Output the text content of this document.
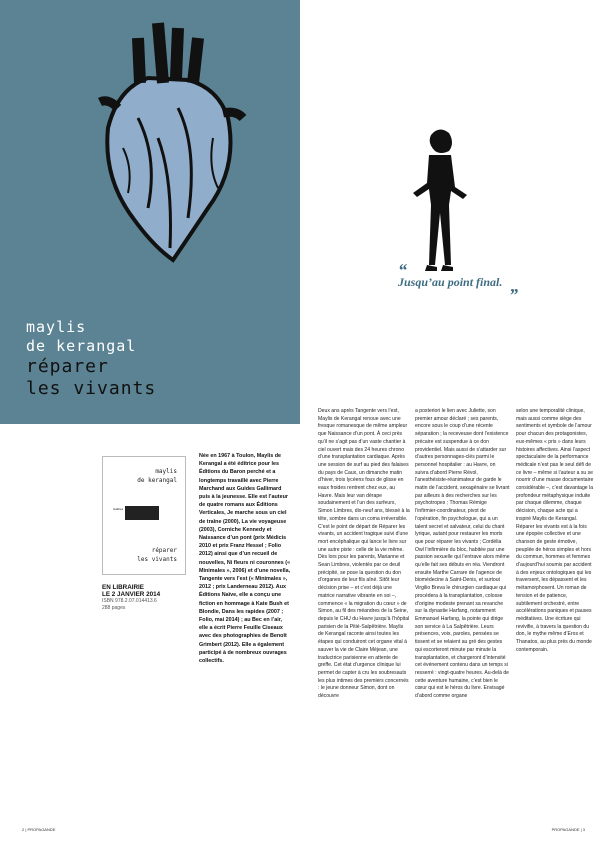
maylis
de kerangal
réparer
les vivants
“
Jusqu’au point final.
”
maylis
de kerangal
Galibes
réparer
les vivants
EN LIBRAIRIE
LE 2 JANVIER 2014
ISBN 978.2.07.014413.6
288 pages
Née en 1967 à Toulon, Maylis de Kerangal a été éditrice pour les Éditions du Baron perché et a longtemps travaillé avec Pierre Marchand aux Guides Gallimard puis à la jeunesse. Elle est l’auteur de quatre romans aux Éditions Verticales, Je marche sous un ciel de traîne (2000), La vie voyageuse (2003), Corniche Kennedy et Naissance d’un pont (prix Médicis 2010 et prix Franz Hessel ; Folio 2012) ainsi que d’un recueil de nouvelles, Ni fleurs ni couronnes (« Minimales », 2006) et d’une novella, Tangente vers l’est (« Minimales », 2012 ; prix Landerneau 2012). Aux Éditions Naïve, elle a conçu une fiction en hommage à Kate Bush et Blondie, Dans les rapides (2007 ; Folio, mai 2014) ; au Bec en l’air, elle a écrit Pierre Feuille Ciseaux avec des photographies de Benoît Grimbert (2012). Elle a également participé à de nombreux ouvrages collectifs.
Deux ans après Tangente vers l’est, Maylis de Kerangal renoue avec une fresque romanesque de même ampleur que Naissance d’un pont. À ceci près qu’il ne s’agit pas d’un vaste chantier à ciel ouvert mais des 24 heures chrono d’une transplantation cardiaque. Après une session de surf au pied des falaises du pays de Caux, un dimanche matin d’hiver, trois lycéens fous de glisse en eaux froides rentrent chez eux, au Havre. Mais leur van dérape soudainement et l’un des surfeurs, Simon Limbres, dix-neuf ans, blessé à la tête, sombre dans un coma irréversible. C’est le point de départ de Réparer les vivants, un accident tragique suivi d’une mort encéphalique qui lance le livre sur une autre piste : celle de la vie même. Dès lors pour les parents, Marianne et Sean Limbres, violentés par ce deuil précipité, se pose la question du don d’organes de leur fils aîné. Sitôt leur décision prise – et c’est déjà une matrice narrative vibrante en soi –, commence « la migration du cœur » de Simon, au fil des méandres de la Seine, depuis le CHU du Havre jusqu’à l’hôpital parisien de la Pitié-Salpêtrière. Maylis de Kerangal raconte ainsi toutes les étapes qui conduiront cet organe vital à sauver la vie de Claire Méjean, une traductrice parisienne en attente de greffe. Cet état d’urgence clinique lui permet de capter à cru les soubresauts les plus intimes des premiers concernés : le jeune donneur Simon, dont on découvre
a posteriori le lien avec Juliette, son premier amour déclaré ; ses parents, encore sous le coup d’une récente séparation ; la receveuse dont l’existence précaire est suspendue à ce don providentiel. Mais aussi de s’attarder sur d’autres personnages-clés parmi le personnel hospitalier : au Havre, on suivra d’abord Pierre Révol, l’anesthésiste-réanimateur de garde le matin de l’accident, sexagénaire se livrant par ailleurs à des recherches sur les psychotropes ; Thomas Rémige l’infirmier-coordinateur, pivot de l’opération, fin psychologue, qui a un talent secret et salvateur, celui du chant lyrique, autant pour restaurer les morts que pour réparer les vivants ; Cordélia Owl l’infirmière du bloc, habitée par une passion sexuelle qui l’entrave alors même qu’elle fait ses débuts en réa. Viendront ensuite Marthe Carrare de l’agence de biomédecine à Saint-Denis, et surtout Virgilio Breva le chirurgien cardiaque qui procédera à la transplantation, colosse d’origine modeste prenant sa revanche sur la dynastie Harfang, notamment Emmanuel Harfang, la pointe qui dirige son service à La Salpêtrière. Leurs présences, voix, paroles, pensées se tissent et se relaient au gré des gestes qui escorteront minute par minute la transplantation, et chargeront d’intensité cet événement contenu dans un temps si resserré : vingt-quatre heures. Au-delà de cette aventure humaine, c’est bien le cœur qui est le héros du livre. Envisagé d’abord comme organe
selon une temporalité clinique, mais aussi comme siège des sentiments et symbole de l’amour pour chacun des protagonistes, eux-mêmes « pris » dans leurs histoires affectives. Ainsi l’aspect spectaculaire de la performance médicale n’est pas le seul défi de ce livre – même si l’auteur a su se nourrir d’une masse documentaire considérable –, c’est davantage la profondeur métaphysique induite par chaque dilemme, chaque décision, chaque acte qui a inspiré Maylis de Kerangal. Réparer les vivants est à la fois une épopée collective et une chanson de geste émotive, peuplée de héros simples et hors du commun, hommes et femmes d’aujourd’hui soumis par accident à des enjeux ontologiques qui les traversent, les dépassent et les métamorphosent. Un roman de tension et de patience, subtilement orchestré, entre accélérations paniques et pauses méditatives. Une écriture qui revivifie, à travers la question du don, le mythe même d’Eros et Thanatos, au plus près du monde contemporain.
2 | PROPAGANDE	PROPAGANDE | 3
